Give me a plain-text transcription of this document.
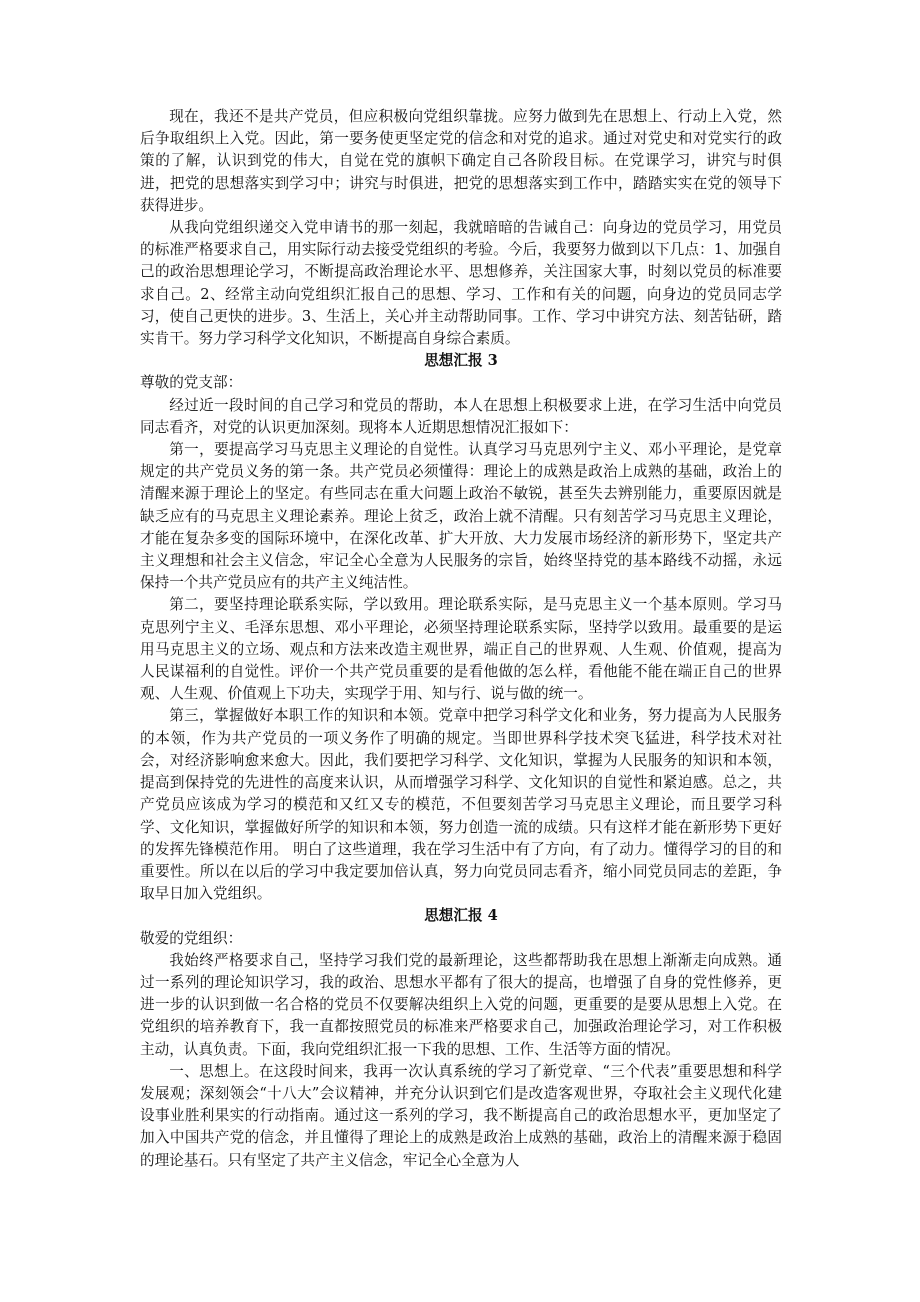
现在，我还不是共产党员，但应积极向党组织靠拢。应努力做到先在思想上、行动上入党，然后争取组织上入党。因此，第一要务使更坚定党的信念和对党的追求。通过对党史和对党实行的政策的了解，认识到党的伟大，自觉在党的旗帜下确定自己各阶段目标。在党课学习，讲究与时俱进，把党的思想落实到学习中；讲究与时俱进，把党的思想落实到工作中，踏踏实实在党的领导下获得进步。

从我向党组织递交入党申请书的那一刻起，我就暗暗的告诫自己：向身边的党员学习，用党员的标准严格要求自己，用实际行动去接受党组织的考验。今后，我要努力做到以下几点：1、加强自己的政治思想理论学习，不断提高政治理论水平、思想修养，关注国家大事，时刻以党员的标准要求自己。2、经常主动向党组织汇报自己的思想、学习、工作和有关的问题，向身边的党员同志学习，使自己更快的进步。3、生活上，关心并主动帮助同事。工作、学习中讲究方法、刻苦钻研，踏实肯干。努力学习科学文化知识，不断提高自身综合素质。

思想汇报 3

尊敬的党支部：

经过近一段时间的自己学习和党员的帮助，本人在思想上积极要求上进，在学习生活中向党员同志看齐，对党的认识更加深刻。现将本人近期思想情况汇报如下：

第一，要提高学习马克思主义理论的自觉性。认真学习马克思列宁主义、邓小平理论，是党章规定的共产党员义务的第一条。共产党员必须懂得：理论上的成熟是政治上成熟的基础，政治上的清醒来源于理论上的坚定。有些同志在重大问题上政治不敏锐，甚至失去辨别能力，重要原因就是缺乏应有的马克思主义理论素养。理论上贫乏，政治上就不清醒。只有刻苦学习马克思主义理论，才能在复杂多变的国际环境中，在深化改革、扩大开放、大力发展市场经济的新形势下，坚定共产主义理想和社会主义信念，牢记全心全意为人民服务的宗旨，始终坚持党的基本路线不动摇，永远保持一个共产党员应有的共产主义纯洁性。

第二，要坚持理论联系实际，学以致用。理论联系实际，是马克思主义一个基本原则。学习马克思列宁主义、毛泽东思想、邓小平理论，必须坚持理论联系实际，坚持学以致用。最重要的是运用马克思主义的立场、观点和方法来改造主观世界，端正自己的世界观、人生观、价值观，提高为人民谋福利的自觉性。评价一个共产党员重要的是看他做的怎么样，看他能不能在端正自己的世界观、人生观、价值观上下功夫，实现学于用、知与行、说与做的统一。

第三，掌握做好本职工作的知识和本领。党章中把学习科学文化和业务，努力提高为人民服务的本领，作为共产党员的一项义务作了明确的规定。当即世界科学技术突飞猛进，科学技术对社会，对经济影响愈来愈大。因此，我们要把学习科学、文化知识，掌握为人民服务的知识和本领，提高到保持党的先进性的高度来认识，从而增强学习科学、文化知识的自觉性和紧迫感。总之，共产党员应该成为学习的模范和又红又专的模范，不但要刻苦学习马克思主义理论，而且要学习科学、文化知识，掌握做好所学的知识和本领，努力创造一流的成绩。只有这样才能在新形势下更好的发挥先锋模范作用。 明白了这些道理，我在学习生活中有了方向，有了动力。懂得学习的目的和重要性。所以在以后的学习中我定要加倍认真，努力向党员同志看齐，缩小同党员同志的差距，争取早日加入党组织。

思想汇报 4

敬爱的党组织：

我始终严格要求自己，坚持学习我们党的最新理论，这些都帮助我在思想上渐渐走向成熟。通过一系列的理论知识学习，我的政治、思想水平都有了很大的提高，也增强了自身的党性修养，更进一步的认识到做一名合格的党员不仅要解决组织上入党的问题，更重要的是要从思想上入党。在党组织的培养教育下，我一直都按照党员的标准来严格要求自己，加强政治理论学习，对工作积极主动，认真负责。下面，我向党组织汇报一下我的思想、工作、生活等方面的情况。

一、思想上。在这段时间来，我再一次认真系统的学习了新党章、“三个代表”重要思想和科学发展观；深刻领会“十八大”会议精神，并充分认识到它们是改造客观世界，夺取社会主义现代化建设事业胜利果实的行动指南。通过这一系列的学习，我不断提高自己的政治思想水平，更加坚定了加入中国共产党的信念，并且懂得了理论上的成熟是政治上成熟的基础，政治上的清醒来源于稳固的理论基石。只有坚定了共产主义信念，牢记全心全意为人
